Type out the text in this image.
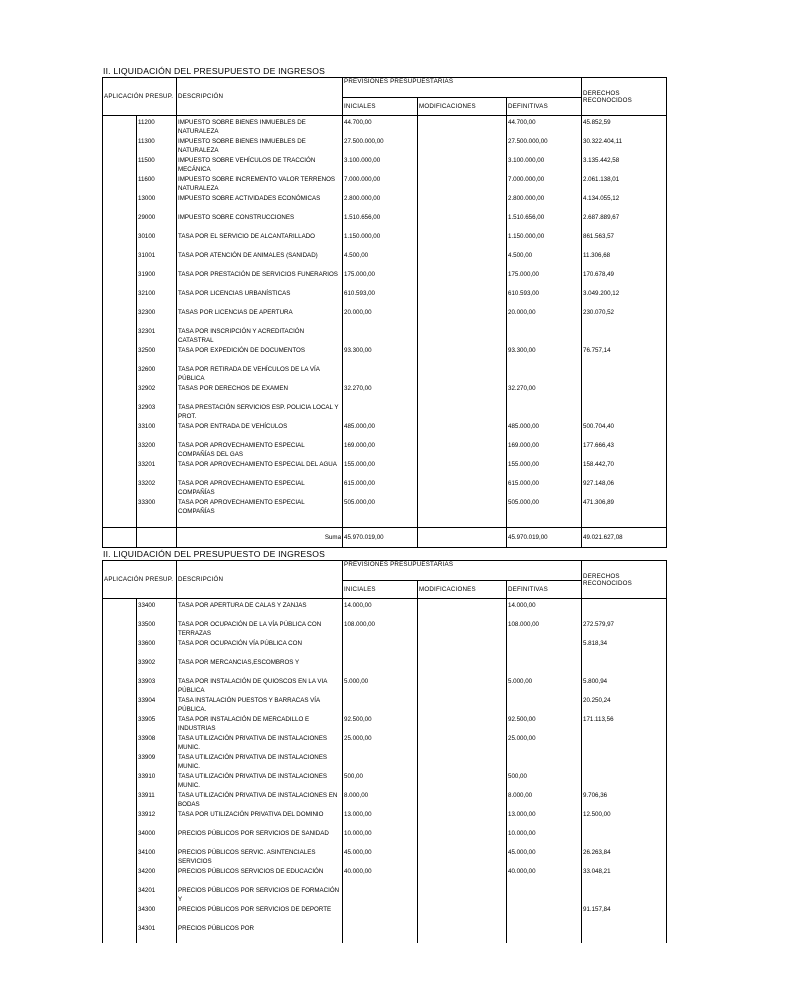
II. LIQUIDACIÓN DEL PRESUPUESTO DE INGRESOS
APLICACIÓN PRESUP.		DESCRIPCIÓN	PREVISIONES PRESUPUESTARIAS			DERECHOS RECONOCIDOS
			INICIALES	MODIFICACIONES	DEFINITIVAS	
	11200	IMPUESTO SOBRE BIENES INMUEBLES DE NATURALEZA	44.700,00		44.700,00	45.852,59
	11300	IMPUESTO SOBRE BIENES INMUEBLES DE NATURALEZA	27.500.000,00		27.500.000,00	30.322.404,11
	11500	IMPUESTO SOBRE VEHÍCULOS DE TRACCIÓN MECÁNICA	3.100.000,00		3.100.000,00	3.135.442,58
	11600	IMPUESTO SOBRE INCREMENTO VALOR TERRENOS NATURALEZA	7.000.000,00		7.000.000,00	2.061.138,01
	13000	IMPUESTO SOBRE ACTIVIDADES ECONÓMICAS	2.800.000,00		2.800.000,00	4.134.055,12
	29000	IMPUESTO SOBRE CONSTRUCCIONES	1.510.656,00		1.510.656,00	2.687.889,67
	30100	TASA POR EL SERVICIO DE ALCANTARILLADO	1.150.000,00		1.150.000,00	861.563,57
	31001	TASA POR ATENCIÓN DE ANIMALES (SANIDAD)	4.500,00		4.500,00	11.306,68
	31900	TASA POR PRESTACIÓN DE SERVICIOS FUNERARIOS	175.000,00		175.000,00	170.678,49
	32100	TASA POR LICENCIAS URBANÍSTICAS	610.593,00		610.593,00	3.049.200,12
	32300	TASAS POR LICENCIAS DE APERTURA	20.000,00		20.000,00	230.070,52
	32301	TASA POR INSCRIPCIÓN Y ACREDITACIÓN CATASTRAL				
	32500	TASA POR EXPEDICIÓN DE DOCUMENTOS	93.300,00		93.300,00	76.757,14
	32600	TASA POR RETIRADA DE VEHÍCULOS DE LA VÍA PÚBLICA				
	32902	TASAS POR DERECHOS DE EXAMEN	32.270,00		32.270,00	
	32903	TASA PRESTACIÓN SERVICIOS ESP. POLICIA LOCAL Y PROT.				
	33100	TASA POR ENTRADA DE VEHÍCULOS	485.000,00		485.000,00	500.704,40
	33200	TASA POR APROVECHAMIENTO ESPECIAL COMPAÑÍAS DEL GAS	169.000,00		169.000,00	177.666,43
	33201	TASA POR APROVECHAMIENTO ESPECIAL DEL AGUA	155.000,00		155.000,00	158.442,70
	33202	TASA POR APROVECHAMIENTO ESPECIAL COMPAÑÍAS	615.000,00		615.000,00	927.148,06
	33300	TASA POR APROVECHAMIENTO ESPECIAL COMPAÑÍAS	505.000,00		505.000,00	471.306,89
		Suma	45.970.019,00		45.970.019,00	49.021.627,08
II. LIQUIDACIÓN DEL PRESUPUESTO DE INGRESOS
APLICACIÓN PRESUP.		DESCRIPCIÓN	PREVISIONES PRESUPUESTARIAS			DERECHOS RECONOCIDOS
			INICIALES	MODIFICACIONES	DEFINITIVAS	
	33400	TASA POR APERTURA DE CALAS Y ZANJAS	14.000,00		14.000,00	
	33500	TASA POR OCUPACIÓN DE LA VÍA PÚBLICA CON TERRAZAS	108.000,00		108.000,00	272.579,97
	33600	TASA POR OCUPACIÓN VÍA PÚBLICA CON				5.818,34
	33902	TASA POR MERCANCIAS,ESCOMBROS Y				
	33903	TASA POR INSTALACIÓN DE QUIOSCOS EN LA VIA PÚBLICA	5.000,00		5.000,00	5.800,94
	33904	TASA INSTALACIÓN PUESTOS Y BARRACAS VÍA PÚBLICA.				20.250,24
	33905	TASA POR INSTALACIÓN DE MERCADILLO E INDUSTRIAS	92.500,00		92.500,00	171.113,56
	33908	TASA UTILIZACIÓN PRIVATIVA DE INSTALACIONES MUNIC.	25.000,00		25.000,00	
	33909	TASA UTILIZACIÓN PRIVATIVA DE INSTALACIONES MUNIC.				
	33910	TASA UTILIZACIÓN PRIVATIVA DE INSTALACIONES MUNIC.	500,00		500,00	
	33911	TASA UTILIZACIÓN PRIVATIVA DE INSTALACIONES EN BODAS	8.000,00		8.000,00	9.706,36
	33912	TASA POR UTILIZACIÓN PRIVATIVA DEL DOMINIO	13.000,00		13.000,00	12.500,00
	34000	PRECIOS PÚBLICOS POR SERVICIOS DE SANIDAD	10.000,00		10.000,00	
	34100	PRECIOS PÚBLICOS SERVIC. ASINTENCIALES SERVICIOS	45.000,00		45.000,00	26.263,84
	34200	PRECIOS PÚBLICOS SERVICIOS DE EDUCACIÓN	40.000,00		40.000,00	33.048,21
	34201	PRECIOS PÚBLICOS POR SERVICIOS DE FORMACIÓN Y				
	34300	PRECIOS PÚBLICOS POR SERVICIOS DE DEPORTE				91.157,84
	34301	PRECIOS PÚBLICOS POR				
